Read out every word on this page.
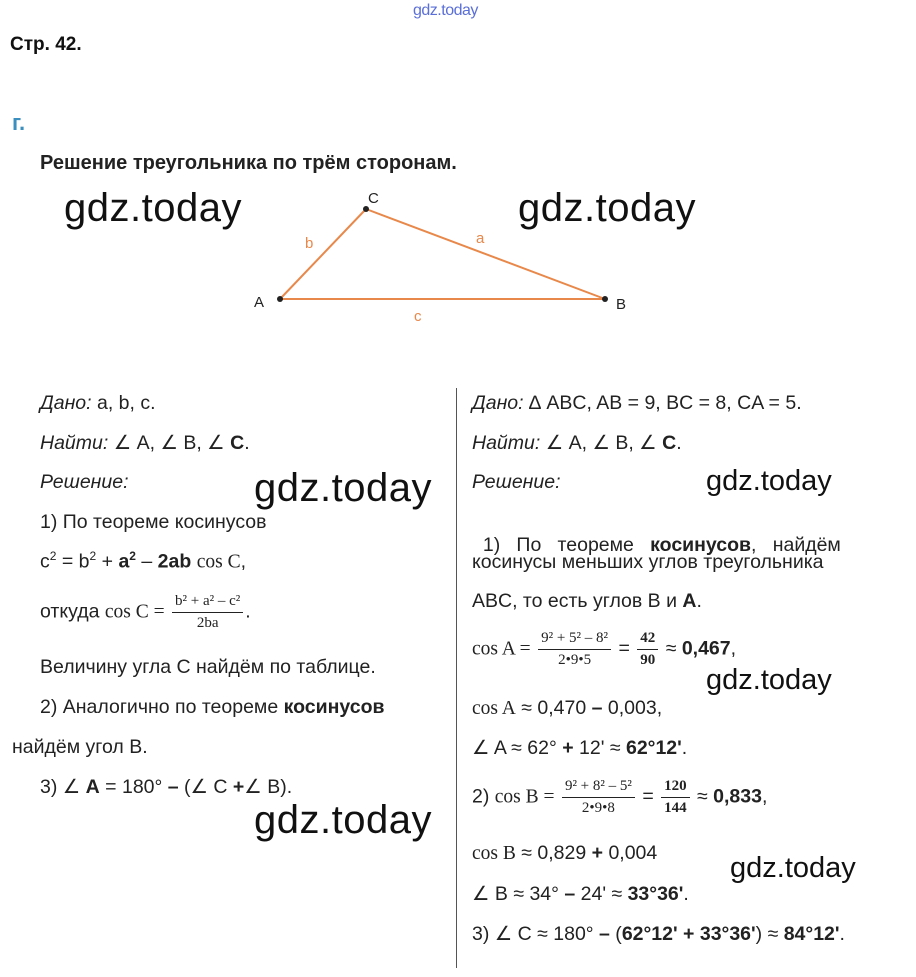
gdz.today
gdz.today	gdz.today
gdz.today
gdz.today
gdz.today
gdz.today
gdz.today
Стр. 42.
г.
Решение треугольника по трём сторонам.
A	B
C
b	a
c
Дано: a, b, c.
Найти: ∠ A, ∠ B, ∠ C.
Решение:
1) По теореме косинусов
$c^2 = b^2 + a^2 - 2ab$ cos C,
откуда $\cos C = \frac{\text{b² + a² – c²}}{2ba}$ .
Величину угла C найдём по таблице.
2) Аналогично по теореме косинусов
найдём угол B.
3) ∠ A = 180° – (∠ C +∠ B).
Дано: ∆ ABC, AB = 9, BC = 8, CA = 5.
Найти: ∠ A, ∠ B, ∠ C.
Решение:

1)   По   теореме   косинусов,   найдём

косинусы меньших углов треугольника
ABC, то есть углов B и A.
$\cos A = \frac{\text{9² + 5² – 8²}}{2•9•5} = \frac{42}{90} \approx 0,467$,
cos A ≈ 0,470 – 0,003,
∠ A ≈ 62° + 12' ≈ 62°12'.
2) $\cos B = \frac{\text{9² + 8² – 5²}}{2•9•8} = \frac{120}{144} \approx 0,833$,
cos B ≈ 0,829 + 0,004
∠ B ≈ 34° – 24' ≈ 33°36'.
3) ∠ C ≈ 180° – (62°12' + 33°36') ≈ 84°12'.
